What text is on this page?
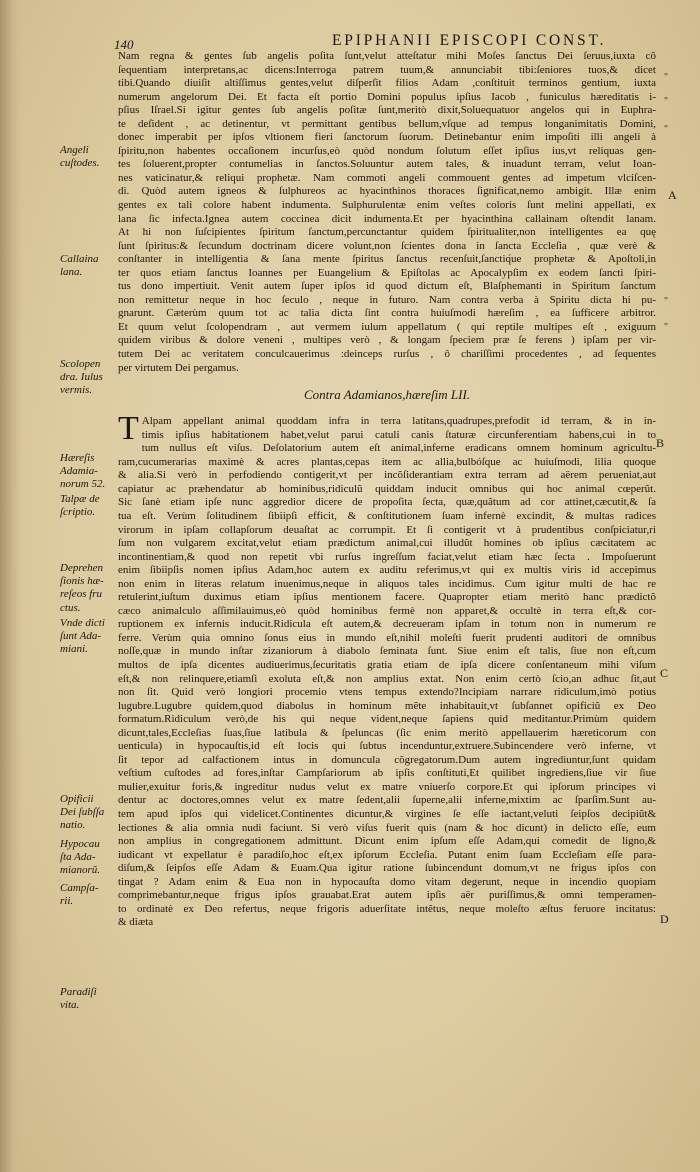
140	EPIPHANII EPISCOPI CONST.
Nam regna & gentes ſub angelis poſita ſunt,velut atteſtatur mihi Moſes ſanctus Dei ſeruus,iuxta cõ
ſequentiam interpretans,ac dicens:Interroga patrem tuum,& annunciabit tibi:ſeniores tuos,& dicet
tibi.Quando diuiſit altiſſimus gentes,velut diſperſit filios Adam ,conſtituit terminos gentium, iuxta
numerum angelorum Dei. Et facta eſt portio Domini populus ipſius Iacob , funiculus hæreditatis i-
pſius Iſrael.Si igitur gentes ſub angelis poſitæ ſunt,meritò dixit,Soluequatuor angelos qui in Euphra-
te deſident , ac detinentur, vt permittant gentibus bellum,vſque ad tempus longanimitatis Domini,
donec imperabit per ipſos vltionem fieri ſanctorum ſuorum. Detinebantur enim impoſiti illi angeli à
ſpiritu,non habentes occaſionem incurſus,eò quòd nondum ſolutum eſſet ipſius ius,vt reliquas gen-
tes ſoluerent,propter contumelias in ſanctos.Soluuntur autem tales, & inuadunt terram, velut Ioan-
nes vaticinatur,& reliqui prophetæ. Nam commoti angeli commouent gentes ad impetum vlciſcen-
di. Quòd autem igneos & ſulphureos ac hyacinthinos thoraces ſignificat,nemo ambigit. Illæ enim
gentes ex tali colore habent indumenta. Sulphurulentæ enim veſtes coloris ſunt melini appellati, ex
lana ſic infecta.Ignea autem coccinea dicit indumenta.Et per hyacinthina callainam oſtendit lanam.
At hi non ſuſcipientes ſpiritum ſanctum,percunctantur quidem ſpiritualiter,non intelligentes ea quę
ſunt ſpiritus:& ſecundum doctrinam dicere volunt,non ſcientes dona in ſancta Eccleſia , quæ verè &
conſtanter in intelligentia & ſana mente ſpiritus ſanctus recenſuit,ſanctiq́ue prophetæ & Apoſtoli,in
ter quos etiam ſanctus Ioannes per Euangelium & Epiſtolas ac Apocalypſim ex eodem ſancti ſpiri-
tus dono impertiuit. Venit autem ſuper ipſos id quod dictum eſt, Blaſphemanti in Spiritum ſanctum
non remittetur neque in hoc ſeculo , neque in futuro. Nam contra verba à Spiritu dicta hi pu-
gnarunt. Cæterùm quum tot ac talia dicta ſint contra huiuſmodi hæreſim , ea ſufficere arbitror.
Et quum velut ſcolopendram , aut vermem iulum appellatum ( qui reptile multipes eſt , exiguum
quidem viribus & dolore veneni , multipes verò , & longam ſpeciem præ ſe ferens ) ipſam per vir-
tutem Dei ac veritatem conculcauerimus :deinceps rurſus , ô chariſſimi procedentes , ad ſequentes
per virtutem Dei pergamus.
Contra Adamianos,hæreſim LII.
T Alpam appellant animal quoddam infra in terra latitans,quadrupes,prefodit id terram, & in in-
timis ipſius habitationem habet,velut parui catuli canis ſtaturæ circunferentiam habens,cui in to
tum nullus eſt viſus. Deſolatorium autem eſt animal,inferne eradicans omnem hominum agricultu-
ram,cucumerarias maximè & acres plantas,cepas item ac allia,bulbóſque ac huiuſmodi, lilia quoque
& alia.Si verò in perfodiendo contigerit,vt per incõſiderantiam extra terram ad aërem perueniat,aut
capiatur ac præhendatur ab hominibus,ridiculũ quiddam inducit omnibus qui hoc animal cœperũt.
Sic ſanè etiam ipſe nunc aggredior dicere de propoſita ſecta, quæ,quãtum ad cor attinet,cæcutit,& ſa
tua eſt. Verùm ſolitudinem ſibiipſi efficit, & conſtitutionem ſuam infernè excindit, & multas radices
virorum in ipſam collapſorum deuaſtat ac corrumpit. Et ſi contigerit vt à prudentibus conſpiciatur,ri
ſum non vulgarem excitat,velut etiam prædictum animal,cui illudũt homines ob ipſius cæcitatem ac
incontinentiam,& quod non repetit vbi rurſus ingreſſum faciat,velut etiam hæc ſecta . Impoſuerunt
enim ſibiipſis nomen ipſius Adam,hoc autem ex auditu referimus,vt qui ex multis viris id accepimus
non enim in literas relatum inuenimus,neque in aliquos tales incidimus. Cum igitur multi de hac re
retulerint,iuſtum duximus etiam ipſius mentionem facere. Quapropter etiam meritò hanc prædictõ
cæco animalculo aſſimilauimus,eò quòd hominibus fermè non apparet,& occultè in terra eſt,& cor-
ruptionem ex infernis inducit.Ridicula eſt autem,& decreueram ipſam in totum non in numerum re
ferre. Verùm quia omnino ſonus eius in mundo eſt,nihil moleſti fuerit prudenti auditori de omnibus
noſſe,quæ in mundo inſtar zizaniorum à diabolo ſeminata ſunt. Siue enim eſt talis, ſiue non eſt,cum
multos de ipſa dicentes audiuerimus,ſecuritatis gratia etiam de ipſa dicere conſentaneum mihi viſum
eſt,& non relinquere,etiamſi exoluta eſt,& non amplius extat. Non enim certò ſcio,an adhuc ſit,aut
non ſit. Quid verò longiori procemio vtens tempus extendo?Incipiam narrare ridiculum,imò potius
lugubre.Lugubre quidem,quod diabolus in hominum mẽte inhabitauit,vt ſubſannet opificiũ ex Deo
formatum.Ridiculum verò,de his qui neque vident,neque ſapiens quid meditantur.Primùm quidem
dicunt,tales,Eccleſias ſuas,ſiue latibula & ſpeluncas (ſic enim meritò appellauerim hæreticorum con
uenticula) in hypocauſtis,id eſt locis qui ſubtus incenduntur,extruere.Subincendere verò inferne, vt
ſit tepor ad calfactionem intus in domuncula cõgregatorum.Dum autem ingrediuntur,ſunt quidam
veſtium cuſtodes ad fores,inſtar Campſariorum ab ipſis conſtituti,Et quilibet ingrediens,ſiue vir ſiue
mulier,exuitur foris,& ingreditur nudus velut ex matre vniuerſo corpore.Et qui ipſorum principes vi
dentur ac doctores,omnes velut ex matre ſedent,alii ſuperne,alii inferne,mixtim ac ſparſim.Sunt au-
tem apud ipſos qui videlicet.Continentes dicuntur,& virgines ſe eſſe iactant,veluti ſeipſos decipiũt&
lectiones & alia omnia nudi faciunt. Si verò viſus fuerit quis (nam & hoc dicunt) in delicto eſſe, eum
non amplius in congregationem admittunt. Dicunt enim ipſum eſſe Adam,qui comedit de ligno,&
iudicant vt expellatur è paradiſo,hoc eſt,ex ipſorum Eccleſia. Putant enim ſuam Eccleſiam eſſe para-
diſum,& ſeipſos eſſe Adam & Euam.Qua igitur ratione ſubincendunt domum,vt ne frigus ipſos con
tingat ? Adam enim & Eua non in hypocauſta domo vitam degerunt, neque in incendio quopiam
comprimebantur,neque frigus ipſos grauabat.Erat autem ipſis aër puriſſimus,& omni temperamen-
to ordinatè ex Deo refertus, neque frigoris aduerſitate intẽtus, neque moleſto æſtus feruore incitatus:
& diæta
Angeli
cuſtodes.
Callaina
lana.
Scolopen
dra. Iulus
vermis.
Hæreſis
Adamia-
norum 52.
Talpæ de
ſcriptio.
Deprehen
ſionis hæ-
reſeos fru
ctus.
Vnde dicti
ſunt Ada-
miani.
Opificii
Dei ſubſſa
natio.
Hypocau
ſta Ada-
mianorũ.
Campſa-
rii.
Paradiſi
vita.
A
B
C
D
"
"
"
"
"
